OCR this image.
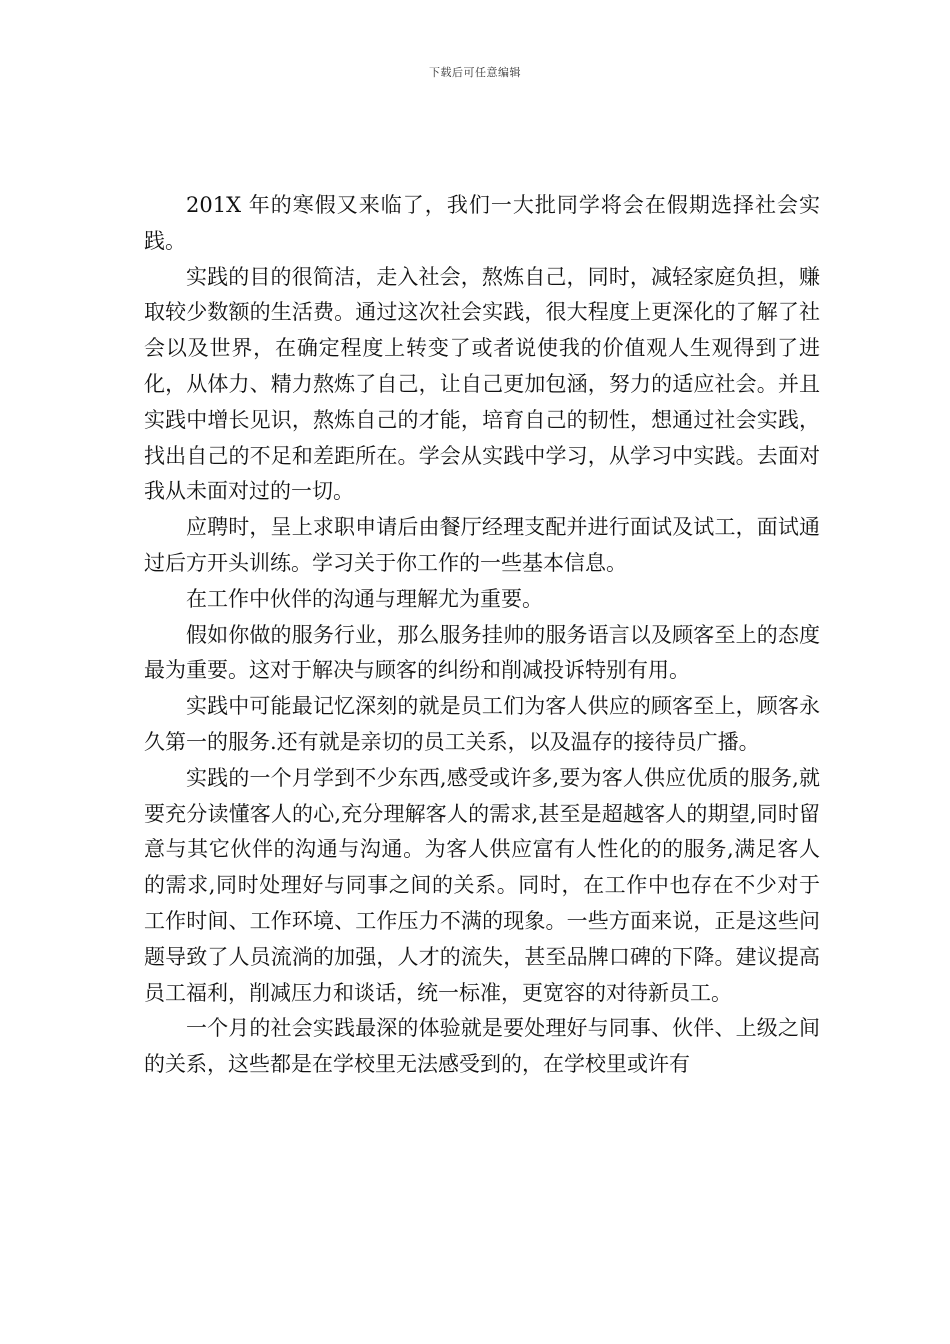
下载后可任意编辑

201X 年的寒假又来临了，我们一大批同学将会在假期选择社会实践。

实践的目的很简洁，走入社会，熬炼自己，同时，减轻家庭负担，赚取较少数额的生活费。通过这次社会实践，很大程度上更深化的了解了社会以及世界，在确定程度上转变了或者说使我的价值观人生观得到了进化，从体力、精力熬炼了自己，让自己更加包涵，努力的适应社会。并且实践中增长见识，熬炼自己的才能，培育自己的韧性，想通过社会实践，找出自己的不足和差距所在。学会从实践中学习，从学习中实践。去面对我从未面对过的一切。

应聘时，呈上求职申请后由餐厅经理支配并进行面试及试工，面试通过后方开头训练。学习关于你工作的一些基本信息。

在工作中伙伴的沟通与理解尤为重要。

假如你做的服务行业，那么服务挂帅的服务语言以及顾客至上的态度最为重要。这对于解决与顾客的纠纷和削减投诉特别有用。

实践中可能最记忆深刻的就是员工们为客人供应的顾客至上，顾客永久第一的服务.还有就是亲切的员工关系，以及温存的接待员广播。

实践的一个月学到不少东西,感受或许多,要为客人供应优质的服务,就要充分读懂客人的心,充分理解客人的需求,甚至是超越客人的期望,同时留意与其它伙伴的沟通与沟通。为客人供应富有人性化的的服务,满足客人的需求,同时处理好与同事之间的关系。同时，在工作中也存在不少对于工作时间、工作环境、工作压力不满的现象。一些方面来说，正是这些问题导致了人员流淌的加强，人才的流失，甚至品牌口碑的下降。建议提高员工福利，削减压力和谈话，统一标准，更宽容的对待新员工。

一个月的社会实践最深的体验就是要处理好与同事、伙伴、上级之间的关系，这些都是在学校里无法感受到的，在学校里或许有
